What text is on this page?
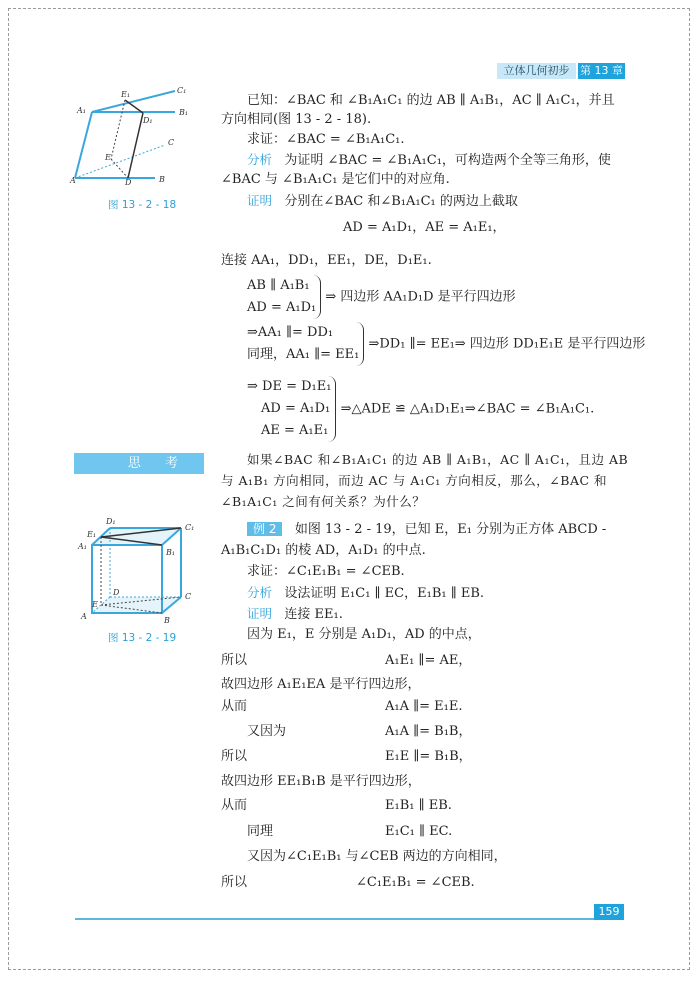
立体几何初步 第 13 章
A	B
C
D
E
A₁	B₁
C₁
D₁
E₁
图 13 - 2 - 18
已知：∠BAC 和 ∠B₁A₁C₁ 的边 AB ∥ A₁B₁，AC ∥ A₁C₁，并且
方向相同(图 13 - 2 - 18).
求证：∠BAC = ∠B₁A₁C₁.
分析 为证明 ∠BAC = ∠B₁A₁C₁，可构造两个全等三角形，使
∠BAC 与 ∠B₁A₁C₁ 是它们中的对应角.
证明 分别在∠BAC 和∠B₁A₁C₁ 的两边上截取
AD = A₁D₁，AE = A₁E₁，
连接 AA₁，DD₁，EE₁，DE，D₁E₁.
AB ∥ A₁B₁
AD = A₁D₁
⇒ 四边形 AA₁D₁D 是平行四边形
⇒AA₁ ∥= DD₁
同理，AA₁ ∥= EE₁
⇒DD₁ ∥= EE₁⇒ 四边形 DD₁E₁E 是平行四边形
⇒ DE = D₁E₁
AD = A₁D₁
AE = A₁E₁
⇒△ADE ≌ △A₁D₁E₁⇒∠BAC = ∠B₁A₁C₁.
思 考	如果∠BAC 和∠B₁A₁C₁ 的边 AB ∥ A₁B₁，AC ∥ A₁C₁，且边 AB
与 A₁B₁ 方向相同，而边 AC 与 A₁C₁ 方向相反，那么，∠BAC 和
∠B₁A₁C₁ 之间有何关系？为什么？
A	B
C
D
E
A₁
B₁
C₁
D₁
E₁
图 13 - 2 - 19
例 2 如图 13 - 2 - 19，已知 E，E₁ 分别为正方体 ABCD -
A₁B₁C₁D₁ 的棱 AD，A₁D₁ 的中点.
求证：∠C₁E₁B₁ = ∠CEB.
分析 设法证明 E₁C₁ ∥ EC，E₁B₁ ∥ EB.
证明 连接 EE₁.
因为 E₁，E 分别是 A₁D₁，AD 的中点，
所以	A₁E₁ ∥= AE，
故四边形 A₁E₁EA 是平行四边形，
从而	A₁A ∥= E₁E.
又因为	A₁A ∥= B₁B，
所以	E₁E ∥= B₁B，
故四边形 EE₁B₁B 是平行四边形，
从而	E₁B₁ ∥ EB.
同理	E₁C₁ ∥ EC.
又因为∠C₁E₁B₁ 与∠CEB 两边的方向相同，
所以	∠C₁E₁B₁ = ∠CEB.
159
